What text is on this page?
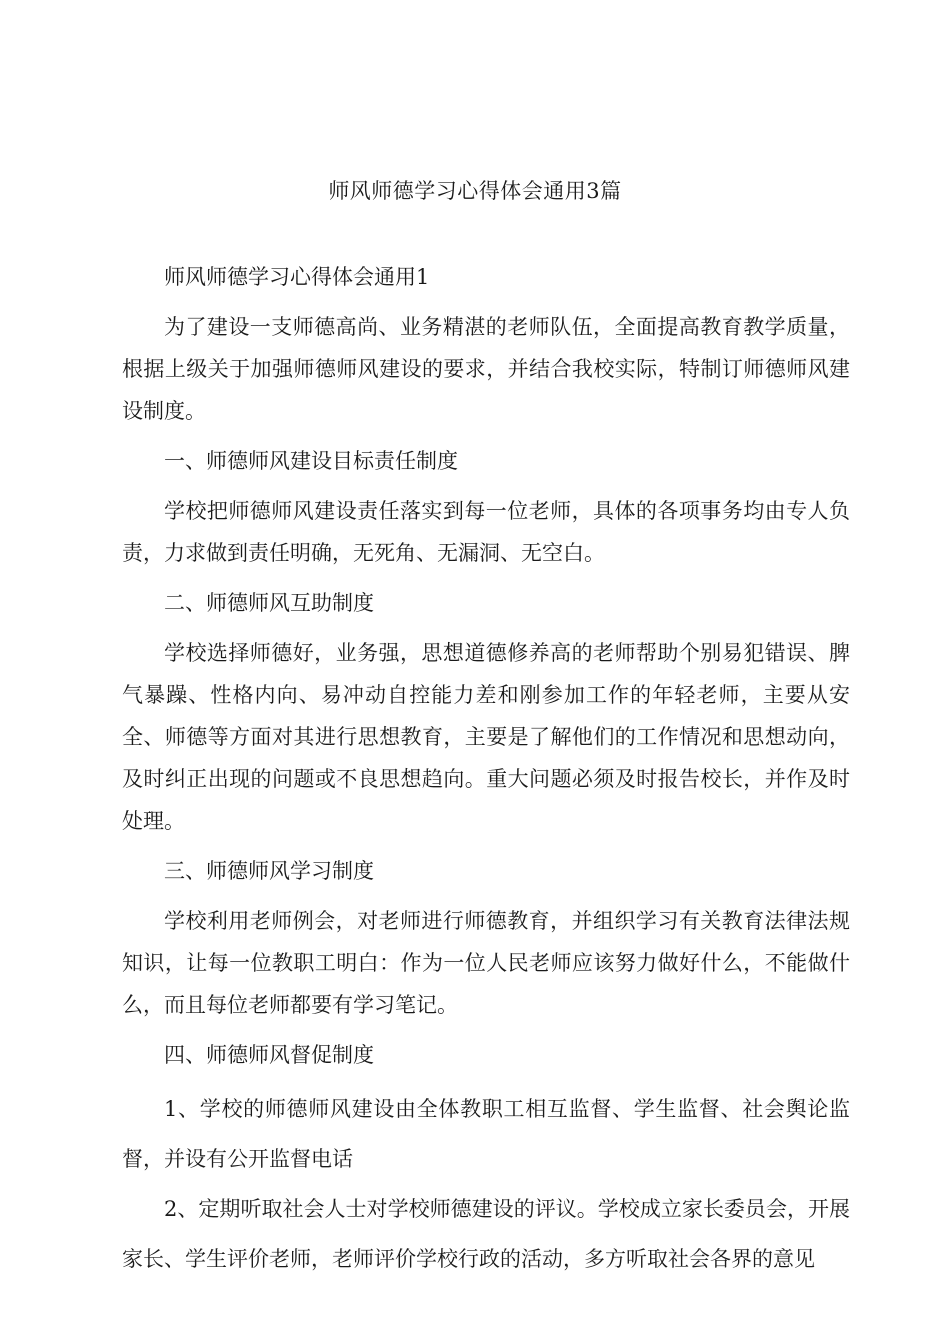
师风师德学习心得体会通用3篇

师风师德学习心得体会通用1

为了建设一支师德高尚、业务精湛的老师队伍，全面提高教育教学质量，根据上级关于加强师德师风建设的要求，并结合我校实际，特制订师德师风建设制度。

一、师德师风建设目标责任制度

学校把师德师风建设责任落实到每一位老师，具体的各项事务均由专人负责，力求做到责任明确，无死角、无漏洞、无空白。

二、师德师风互助制度

学校选择师德好，业务强，思想道德修养高的老师帮助个别易犯错误、脾气暴躁、性格内向、易冲动自控能力差和刚参加工作的年轻老师，主要从安全、师德等方面对其进行思想教育，主要是了解他们的工作情况和思想动向，及时纠正出现的问题或不良思想趋向。重大问题必须及时报告校长，并作及时处理。

三、师德师风学习制度

学校利用老师例会，对老师进行师德教育，并组织学习有关教育法律法规知识，让每一位教职工明白：作为一位人民老师应该努力做好什么，不能做什么，而且每位老师都要有学习笔记。

四、师德师风督促制度

1、学校的师德师风建设由全体教职工相互监督、学生监督、社会舆论监督，并设有公开监督电话

2、定期听取社会人士对学校师德建设的评议。学校成立家长委员会，开展家长、学生评价老师，老师评价学校行政的活动，多方听取社会各界的意见
